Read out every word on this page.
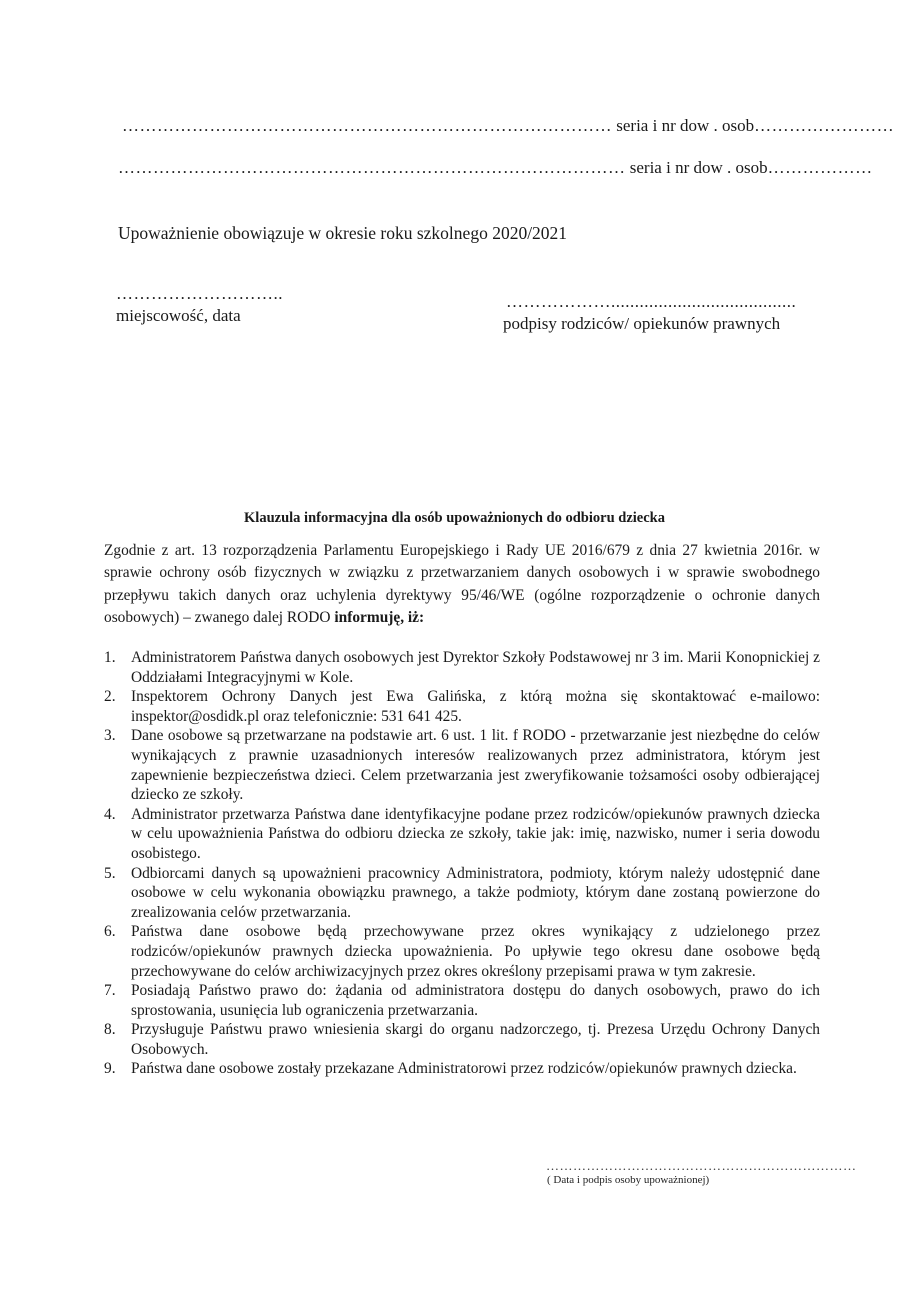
………………………………………………………………………… seria i nr dow . osob……………………
…………………………………………………………………………… seria i nr dow . osob………………
Upoważnienie obowiązuje w okresie roku szkolnego 2020/2021
………………………..
miejscowość, data
……………….......................................
podpisy rodziców/ opiekunów prawnych
Klauzula informacyjna dla osób upoważnionych do odbioru dziecka
Zgodnie z art. 13 rozporządzenia Parlamentu Europejskiego i Rady UE 2016/679 z dnia 27 kwietnia 2016r. w sprawie ochrony osób fizycznych w związku z przetwarzaniem danych osobowych i w sprawie swobodnego przepływu takich danych oraz uchylenia dyrektywy 95/46/WE (ogólne rozporządzenie o ochronie danych osobowych) – zwanego dalej RODO informuję, iż:
1. Administratorem Państwa danych osobowych jest Dyrektor Szkoły Podstawowej nr 3 im. Marii Konopnickiej z Oddziałami Integracyjnymi w Kole.
2. Inspektorem Ochrony Danych jest Ewa Galińska, z którą można się skontaktować e-mailowo: inspektor@osdidk.pl oraz telefonicznie: 531 641 425.
3. Dane osobowe są przetwarzane na podstawie art. 6 ust. 1 lit. f RODO - przetwarzanie jest niezbędne do celów wynikających z prawnie uzasadnionych interesów realizowanych przez administratora, którym jest zapewnienie bezpieczeństwa dzieci. Celem przetwarzania jest zweryfikowanie tożsamości osoby odbierającej dziecko ze szkoły.
4. Administrator przetwarza Państwa dane identyfikacyjne podane przez rodziców/opiekunów prawnych dziecka w celu upoważnienia Państwa do odbioru dziecka ze szkoły, takie jak: imię, nazwisko, numer i seria dowodu osobistego.
5. Odbiorcami danych są upoważnieni pracownicy Administratora, podmioty, którym należy udostępnić dane osobowe w celu wykonania obowiązku prawnego, a także podmioty, którym dane zostaną powierzone do zrealizowania celów przetwarzania.
6. Państwa dane osobowe będą przechowywane przez okres wynikający z udzielonego przez rodziców/opiekunów prawnych dziecka upoważnienia. Po upływie tego okresu dane osobowe będą przechowywane do celów archiwizacyjnych przez okres określony przepisami prawa w tym zakresie.
7. Posiadają Państwo prawo do: żądania od administratora dostępu do danych osobowych, prawo do ich sprostowania, usunięcia lub ograniczenia przetwarzania.
8. Przysługuje Państwu prawo wniesienia skargi do organu nadzorczego, tj. Prezesa Urzędu Ochrony Danych Osobowych.
9. Państwa dane osobowe zostały przekazane Administratorowi przez rodziców/opiekunów prawnych dziecka.
……………………………………………………………
( Data i podpis osoby upoważnionej)
